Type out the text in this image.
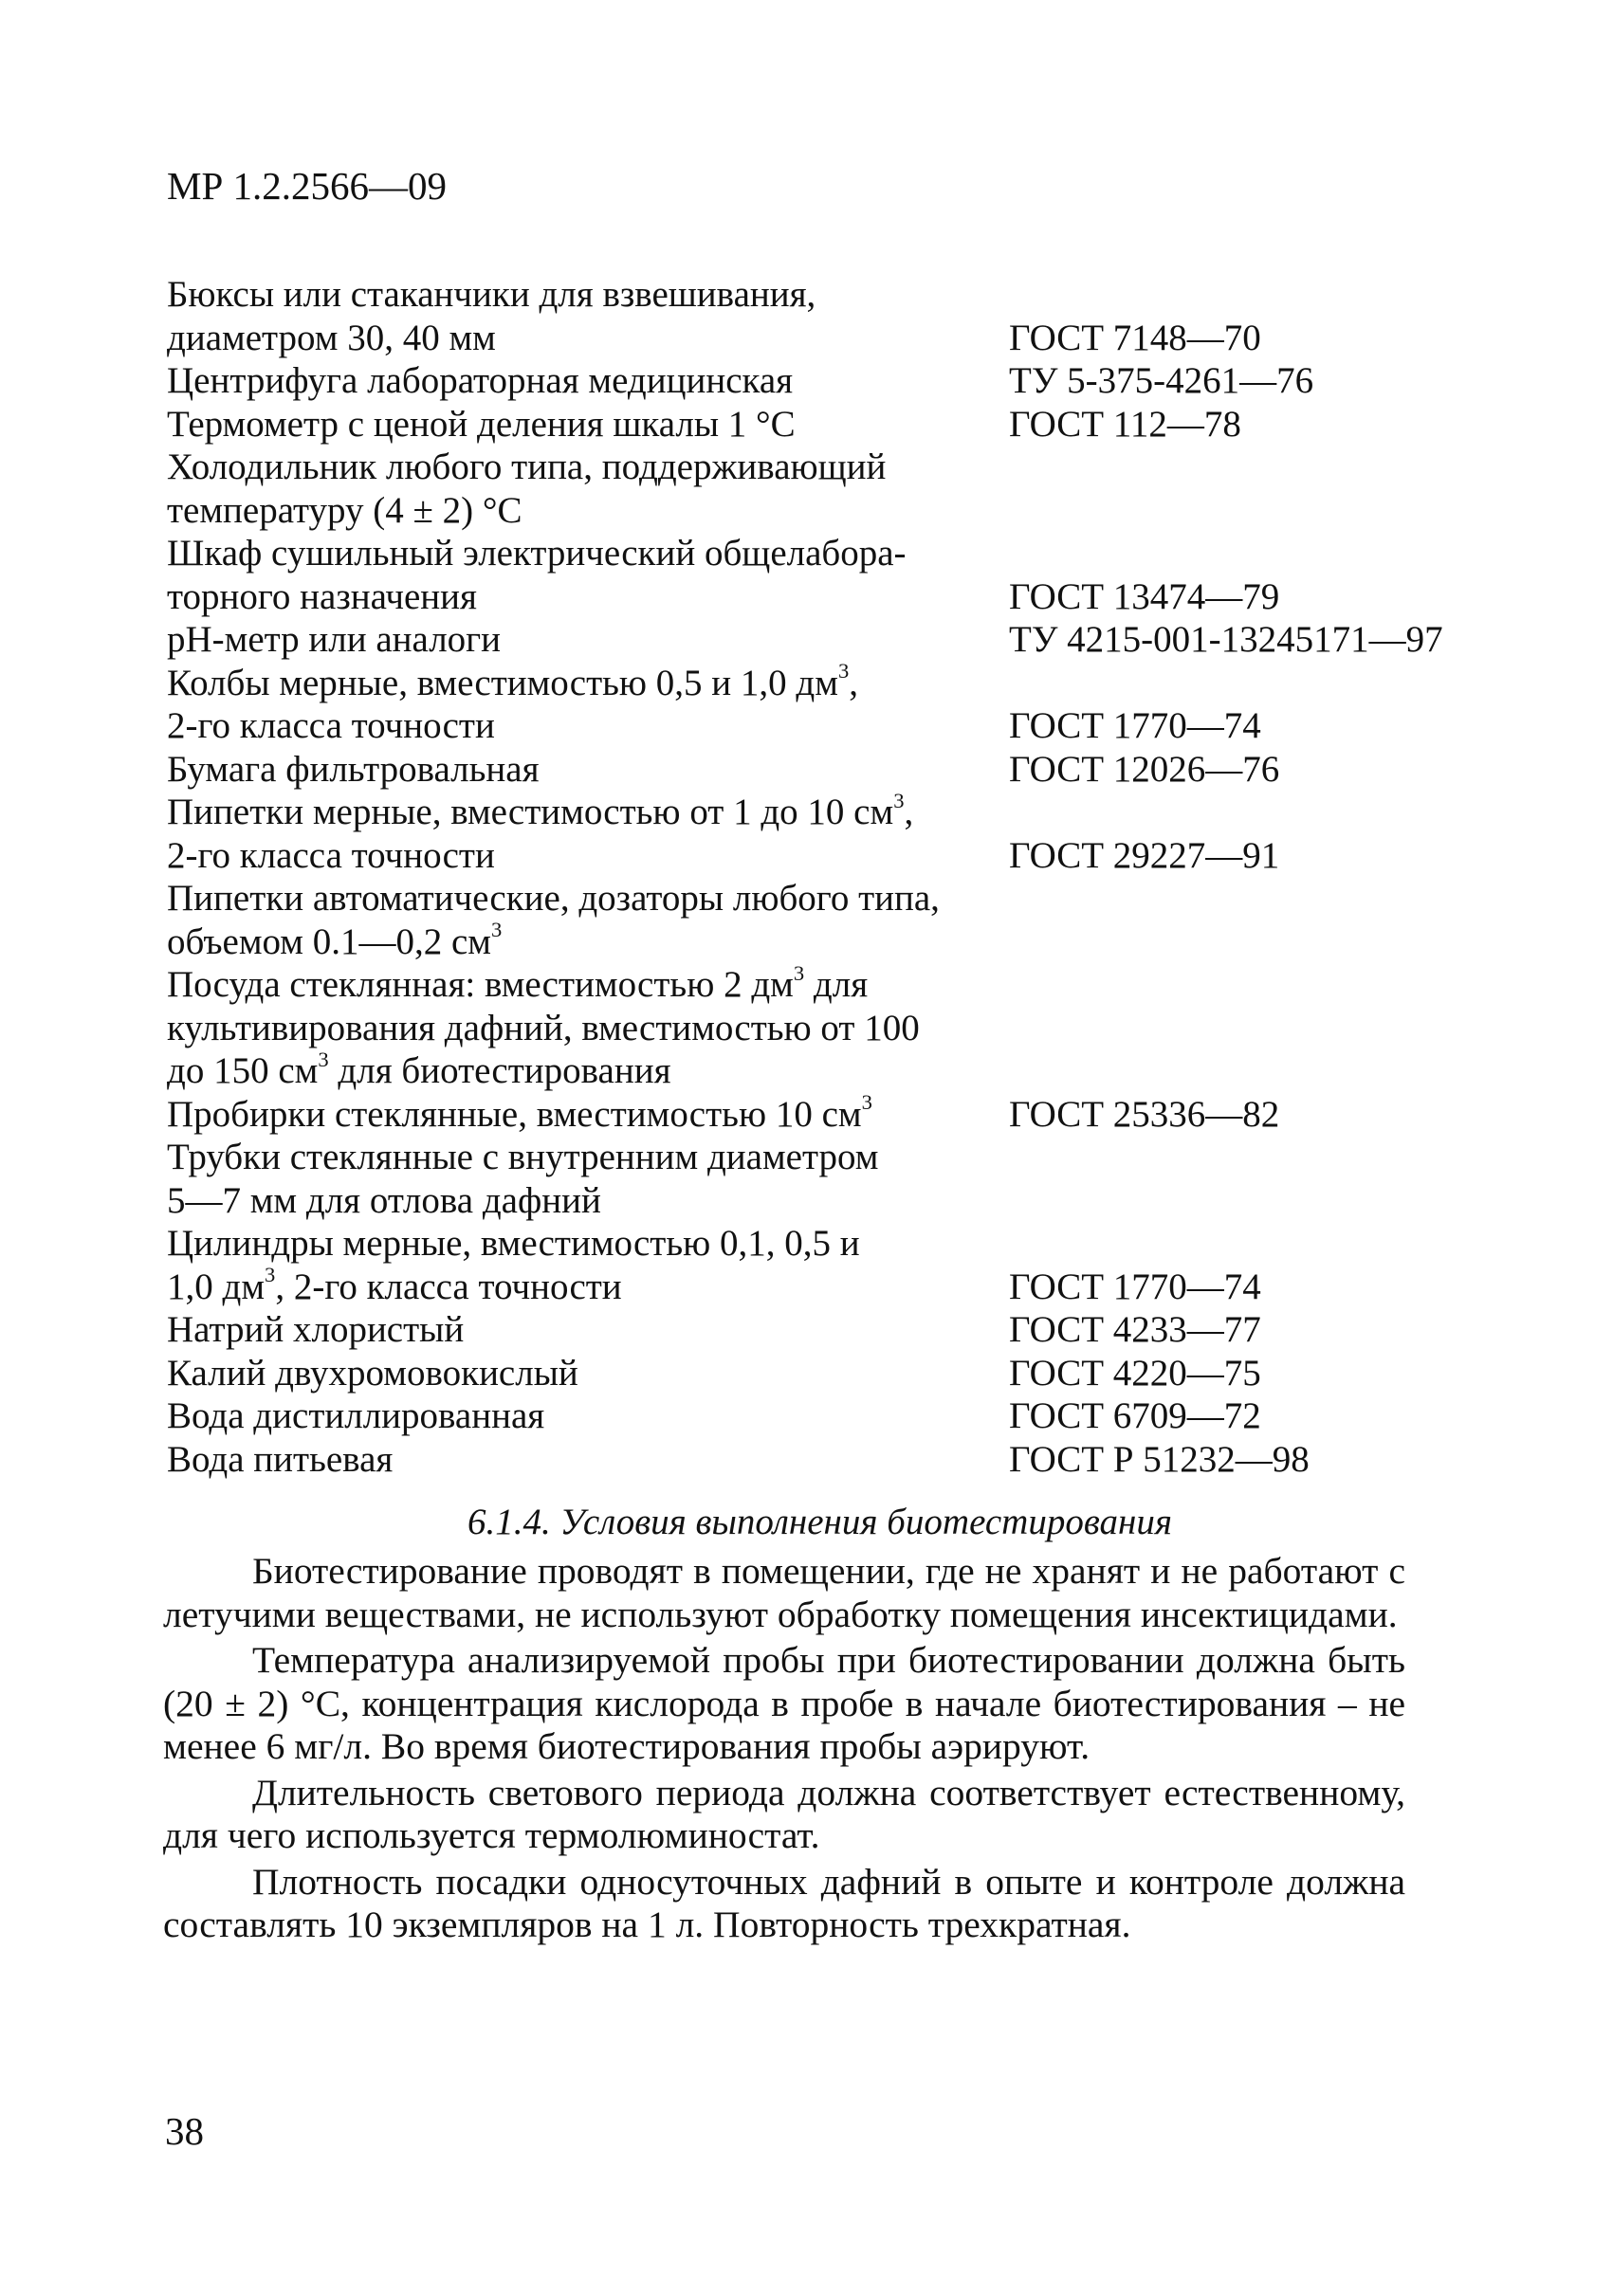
МР 1.2.2566—09
Бюксы или стаканчики для взвешивания,
диаметром 30, 40 мм	ГОСТ 7148—70
Центрифуга лабораторная медицинская	ТУ 5-375-4261—76
Термометр с ценой деления шкалы 1 °С	ГОСТ 112—78
Холодильник любого типа, поддерживающий
температуру (4 ± 2) °С
Шкаф сушильный электрический общелабора-
торного назначения	ГОСТ 13474—79
рН-метр или аналоги	ТУ 4215-001-13245171—97
Колбы мерные, вместимостью 0,5 и 1,0 $дм^3$,
2-го класса точности	ГОСТ 1770—74
Бумага фильтровальная	ГОСТ 12026—76
Пипетки мерные, вместимостью от 1 до 10 $см^3$,
2-го класса точности	ГОСТ 29227—91
Пипетки автоматические, дозаторы любого типа,
объемом 0.1—0,2 $см^3$
Посуда стеклянная: вместимостью 2 $дм^3$ для
культивирования дафний, вместимостью от 100
до 150 $см^3$ для биотестирования
Пробирки стеклянные, вместимостью 10 $см^3$	ГОСТ 25336—82
Трубки стеклянные с внутренним диаметром
5—7 мм для отлова дафний
Цилиндры мерные, вместимостью 0,1, 0,5 и
1,0 $дм^3$, 2-го класса точности	ГОСТ 1770—74
Натрий хлористый	ГОСТ 4233—77
Калий двухромовокислый	ГОСТ 4220—75
Вода дистиллированная	ГОСТ 6709—72
Вода питьевая	ГОСТ Р 51232—98
6.1.4. Условия выполнения биотестирования

Биотестирование проводят в помещении, где не хранят и не работают с летучими веществами, не используют обработку помещения инсектицидами.

Температура анализируемой пробы при биотестировании должна быть (20 ± 2) °С, концентрация кислорода в пробе в начале биотестирования – не менее 6 мг/л. Во время биотестирования пробы аэрируют.

Длительность светового периода должна соответствует естественному, для чего используется термолюминостат.

Плотность посадки односуточных дафний в опыте и контроле должна составлять 10 экземпляров на 1 л. Повторность трехкратная.

38
